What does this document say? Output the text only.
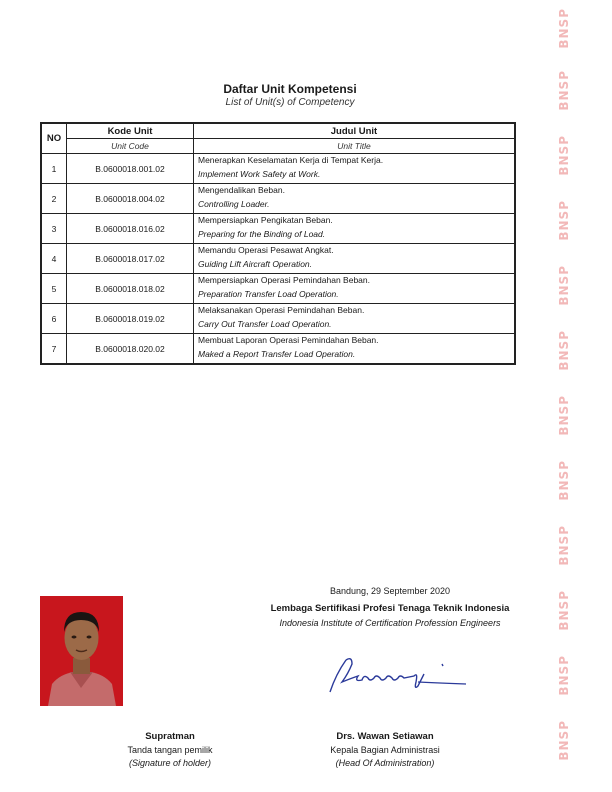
BNSP
BNSP
BNSP
BNSP
BNSP
BNSP
BNSP
BNSP
BNSP
BNSP
BNSP
BNSP
Daftar Unit Kompetensi
List of Unit(s) of Competency
NO	Kode Unit	Judul Unit
	Unit Code	Unit Title
1	B.0600018.001.02	Menerapkan Keselamatan Kerja di Tempat Kerja.
Implement Work Safety at Work.

2	B.0600018.004.02	Mengendalikan Beban.
Controlling Loader.

3	B.0600018.016.02	Mempersiapkan Pengikatan Beban.
Preparing for the Binding of Load.

4	B.0600018.017.02	Memandu Operasi Pesawat Angkat.
Guiding Lift Aircraft Operation.

5	B.0600018.018.02	Mempersiapkan Operasi Pemindahan Beban.
Preparation Transfer Load Operation.

6	B.0600018.019.02	Melaksanakan Operasi Pemindahan Beban.
Carry Out Transfer Load Operation.

7	B.0600018.020.02	Membuat Laporan Operasi Pemindahan Beban.
Maked a Report Transfer Load Operation.
Bandung, 29 September 2020
Lembaga Sertifikasi Profesi Tenaga Teknik Indonesia
Indonesia Institute of Certification Profession Engineers
Supratman
Tanda tangan pemilik
(Signature of holder)
Drs. Wawan Setiawan
Kepala Bagian Administrasi
(Head Of Administration)
